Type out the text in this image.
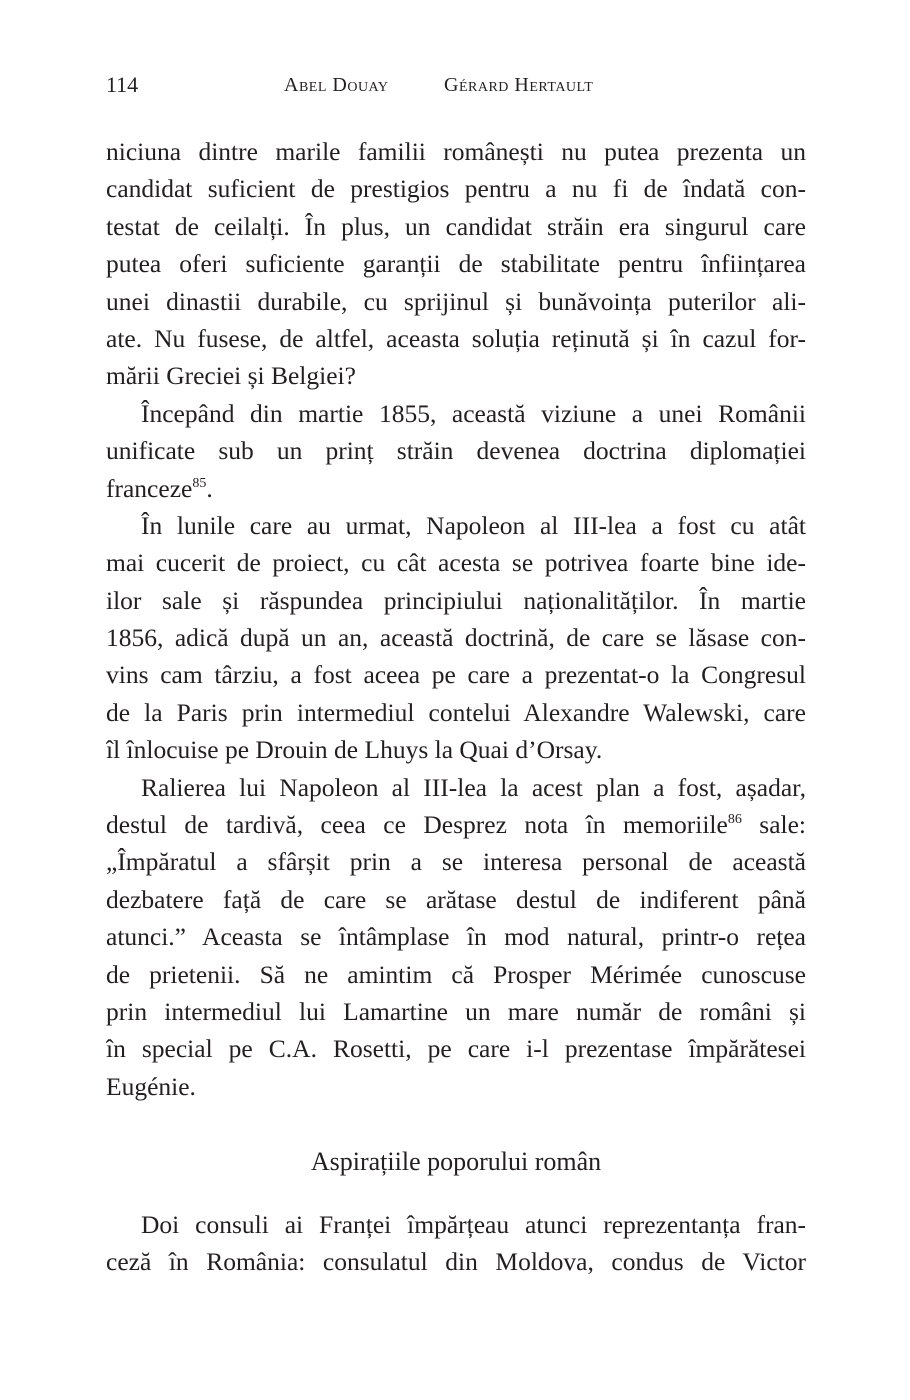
114	Abel Douay	Gérard Hertault
niciuna dintre marile familii românești nu putea prezenta un
candidat suficient de prestigios pentru a nu fi de îndată con-
testat de ceilalți. În plus, un candidat străin era singurul care
putea oferi suficiente garanții de stabilitate pentru înființarea
unei dinastii durabile, cu sprijinul și bunăvoința puterilor ali-
ate. Nu fusese, de altfel, aceasta soluția reținută și în cazul for-
mării Greciei și Belgiei?
Începând din martie 1855, această viziune a unei Românii
unificate sub un prinț străin devenea doctrina diplomației
franceze$^{85}$.
În lunile care au urmat, Napoleon al III-lea a fost cu atât
mai cucerit de proiect, cu cât acesta se potrivea foarte bine ide-
ilor sale și răspundea principiului naționalităților. În martie
1856, adică după un an, această doctrină, de care se lăsase con-
vins cam târziu, a fost aceea pe care a prezentat-o la Congresul
de la Paris prin intermediul contelui Alexandre Walewski, care
îl înlocuise pe Drouin de Lhuys la Quai d’Orsay.
Ralierea lui Napoleon al III-lea la acest plan a fost, așadar,
destul de tardivă, ceea ce Desprez nota în memoriile$^{86}$ sale:
„Împăratul a sfârșit prin a se interesa personal de această
dezbatere față de care se arătase destul de indiferent până
atunci.” Aceasta se întâmplase în mod natural, printr-o rețea
de prietenii. Să ne amintim că Prosper Mérimée cunoscuse
prin intermediul lui Lamartine un mare număr de români și
în special pe C.A. Rosetti, pe care i-l prezentase împărătesei
Eugénie.
Aspirațiile poporului român
Doi consuli ai Franței împărțeau atunci reprezentanța fran-
ceză în România: consulatul din Moldova, condus de Victor
